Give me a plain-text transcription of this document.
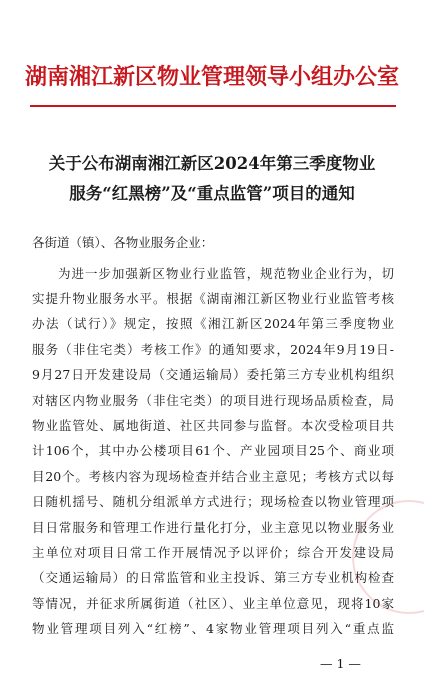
湖南湘江新区物业管理领导小组办公室
关于公布湖南湘江新区2024年第三季度物业
服务“红黑榜”及“重点监管”项目的通知
各街道（镇）、各物业服务企业：
为进一步加强新区物业行业监管，规范物业企业行为，切
实提升物业服务水平。根据《湖南湘江新区物业行业监管考核
办法（试行）》规定，按照《湘江新区2024年第三季度物业
服务（非住宅类）考核工作》的通知要求，2024年9月19日-
9月27日开发建设局（交通运输局）委托第三方专业机构组织
对辖区内物业服务（非住宅类）的项目进行现场品质检查，局
物业监管处、属地街道、社区共同参与监督。本次受检项目共
计106个，其中办公楼项目61个、产业园项目25个、商业项
目20个。考核内容为现场检查并结合业主意见；考核方式以每
日随机揺号、随机分组派单方式进行；现场检查以物业管理项
目日常服务和管理工作进行量化打分，业主意见以物业服务业
主单位对项目日常工作开展情况予以评价；综合开发建设局
（交通运输局）的日常监管和业主投诉、第三方专业机构检查
等情况，并征求所属街道（社区）、业主单位意见，现将10家
物业管理项目列入“红榜”、4家物业管理项目列入“重点监
— 1 —
